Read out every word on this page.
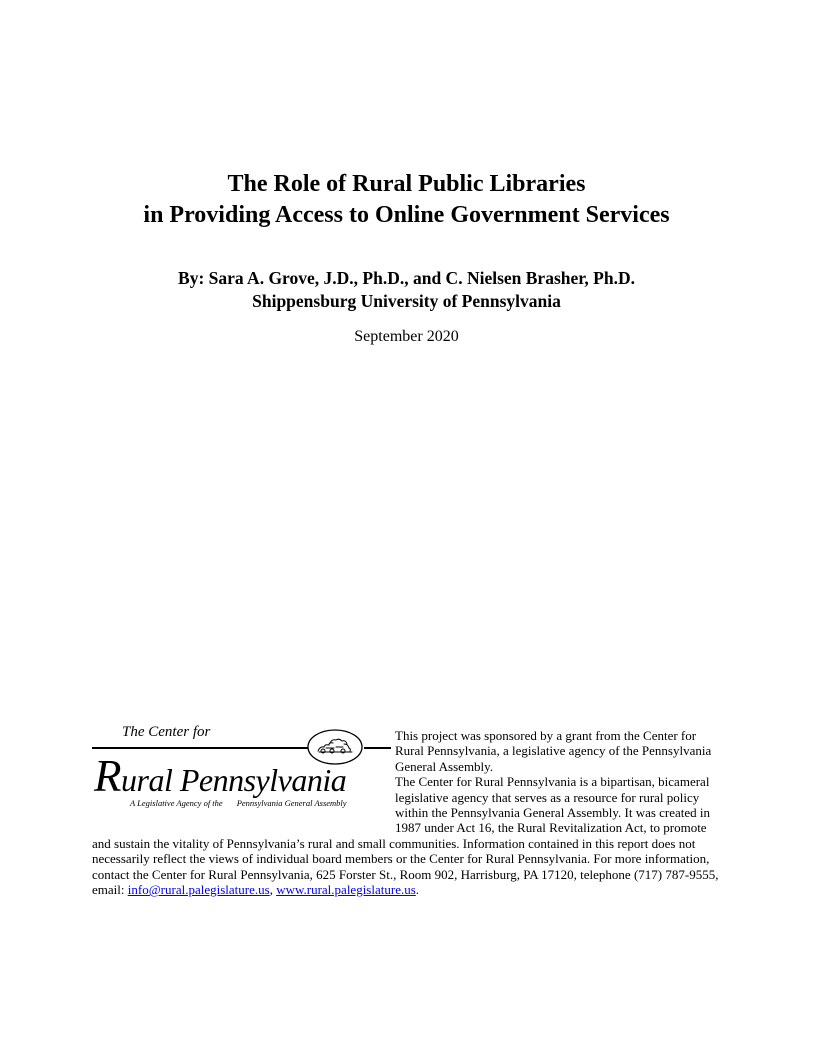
The Role of Rural Public Libraries
in Providing Access to Online Government Services
By: Sara A. Grove, J.D., Ph.D., and C. Nielsen Brasher, Ph.D.
Shippensburg University of Pennsylvania
September 2020
The Center for
Rural Pennsylvania
A Legislative Agency of the Pennsylvania General Assembly

This project was sponsored by a grant from the Center for Rural Pennsylvania, a legislative agency of the Pennsylvania General Assembly.

The Center for Rural Pennsylvania is a bipartisan, bicameral legislative agency that serves as a resource for rural policy within the Pennsylvania General Assembly. It was created in 1987 under Act 16, the Rural Revitalization Act, to promote and sustain the vitality of Pennsylvania’s rural and small communities. Information contained in this report does not necessarily reflect the views of individual board members or the Center for Rural Pennsylvania. For more information, contact the Center for Rural Pennsylvania, 625 Forster St., Room 902, Harrisburg, PA 17120, telephone (717) 787-9555, email: info@rural.palegislature.us, www.rural.palegislature.us.
